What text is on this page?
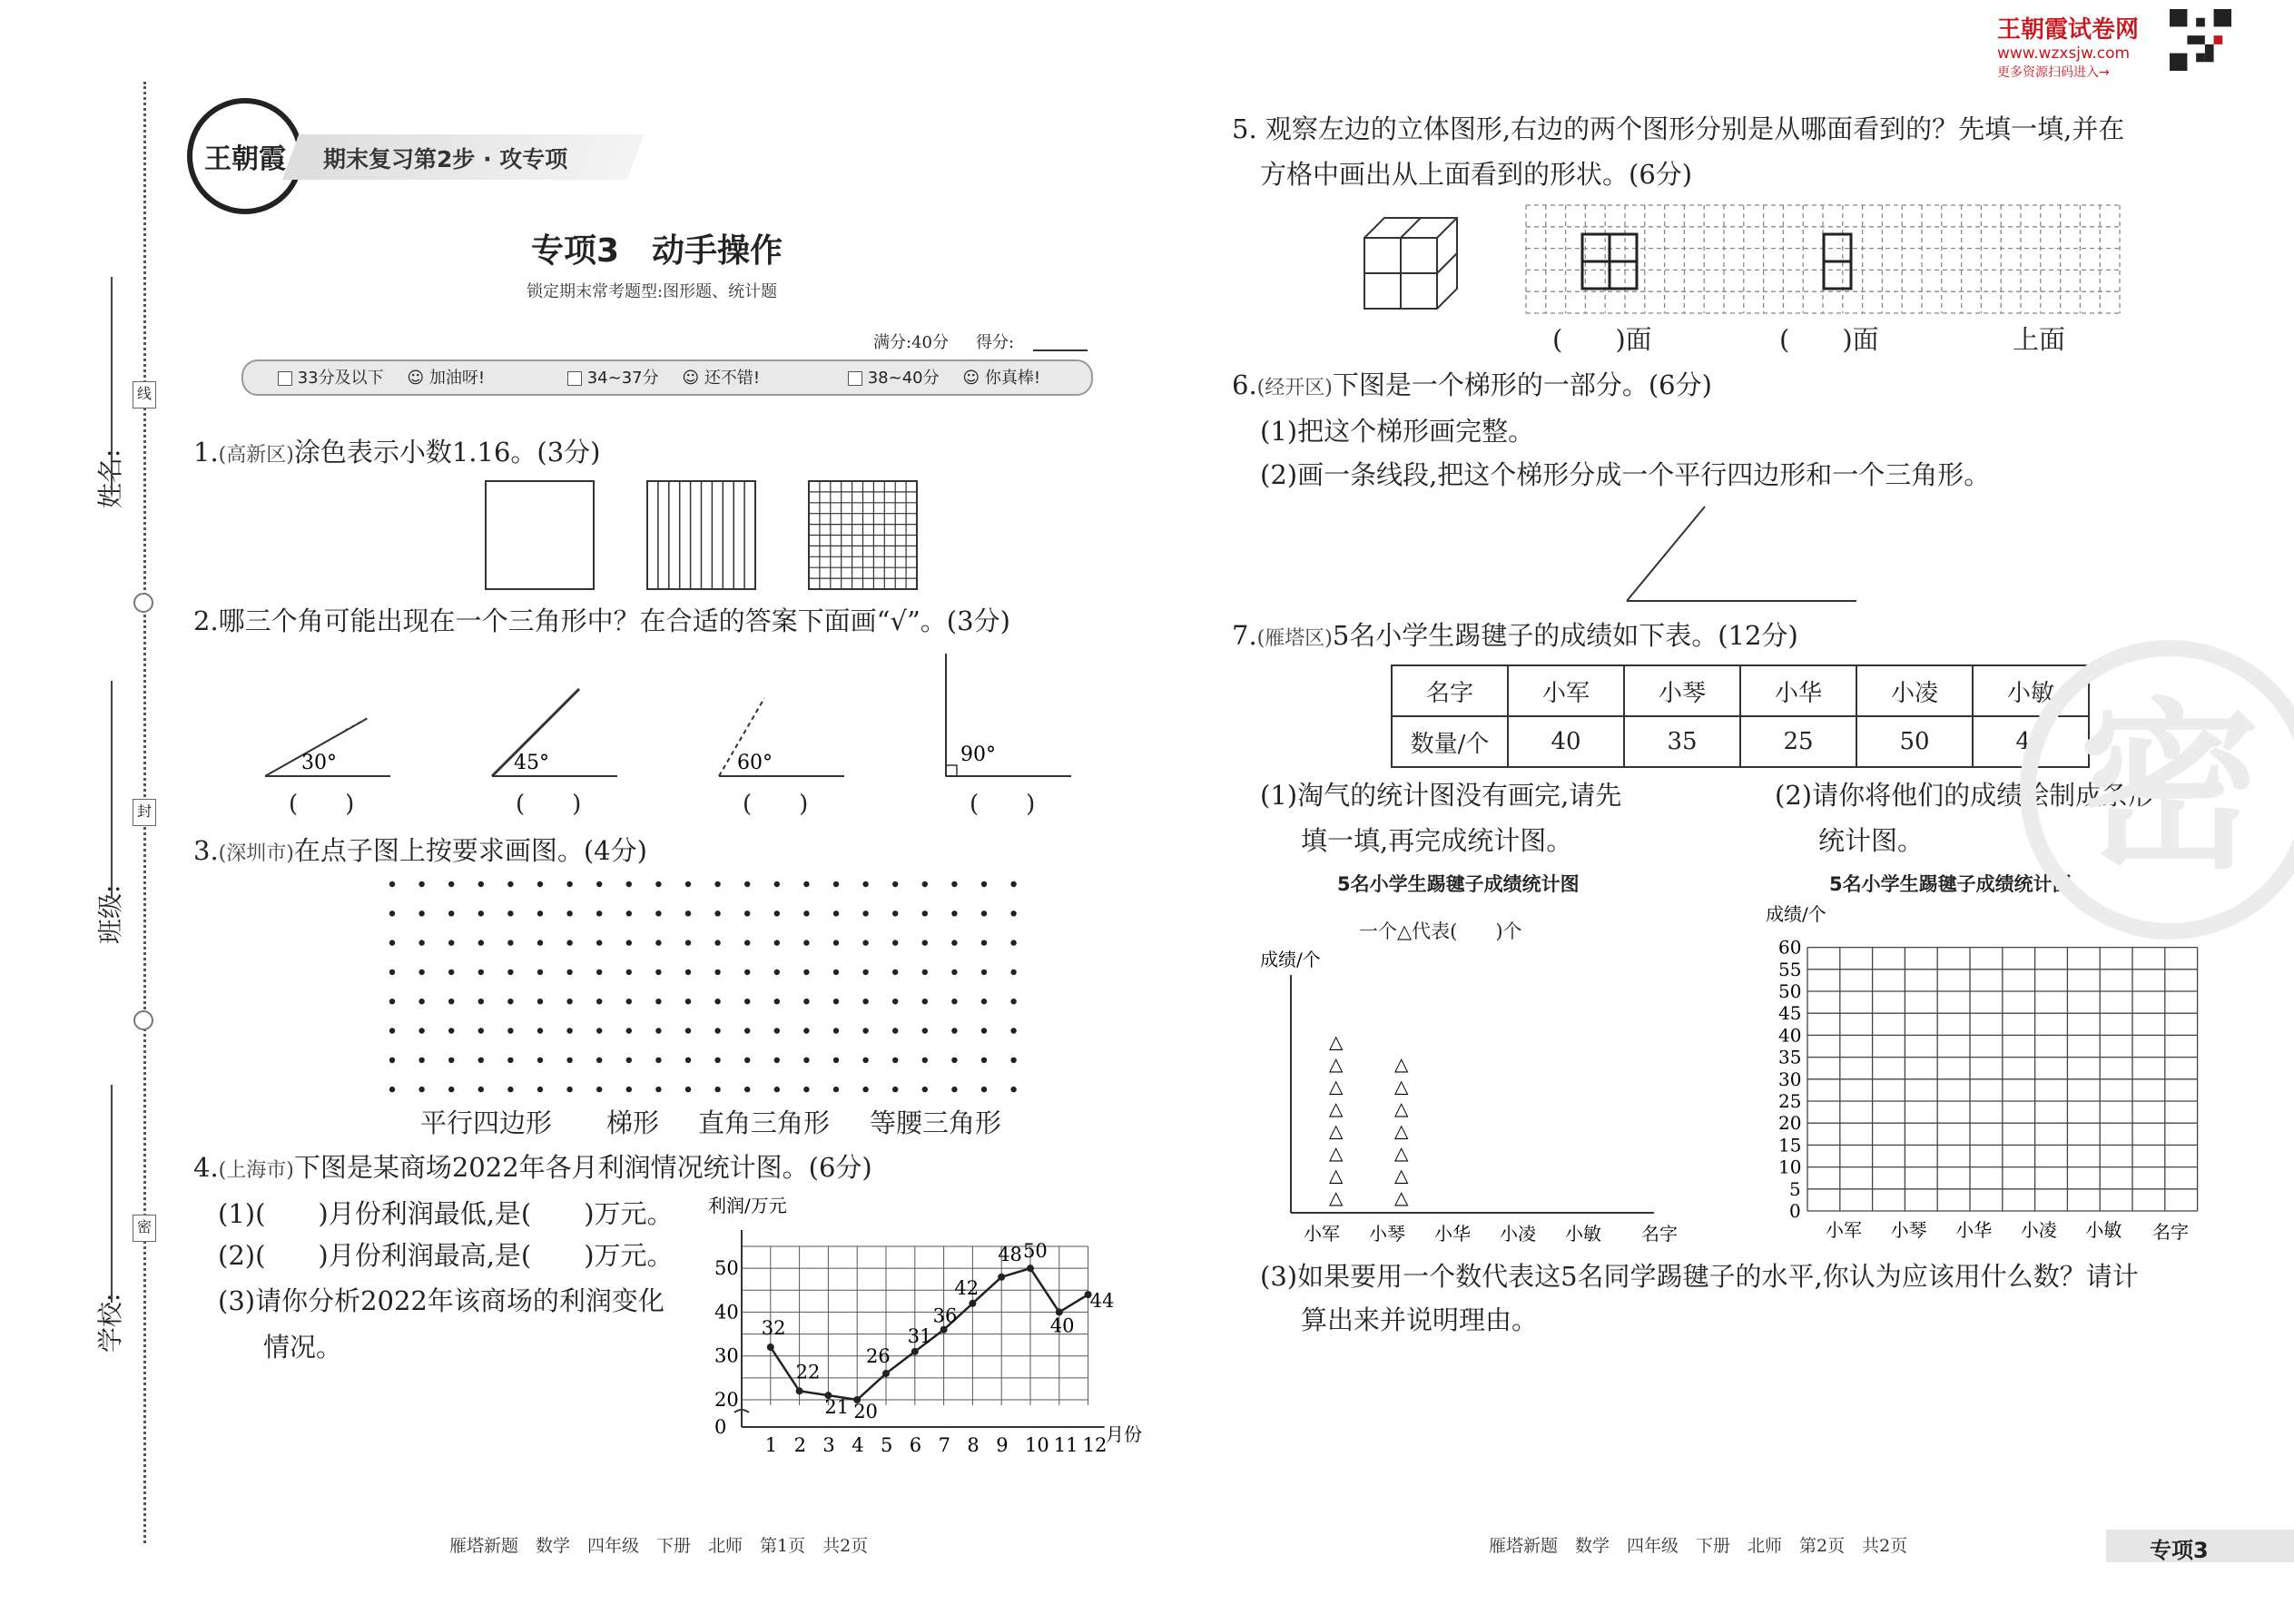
王朝霞试卷网
www.wzxsjw.com
更多资源扫码进入→
线
封
密
姓名:
班级:
学校:
王朝霞	期末复习第2步 · 攻专项
专项3　动手操作
锁定期末常考题型:图形题、统计题
满分:40分 得分:
33分及以下 ☺ 加油呀!	34~37分 ☺ 还不错!	38~40分 ☺ 你真棒!
1.(高新区)涂色表示小数1.16。(3分)
2.哪三个角可能出现在一个三角形中？在合适的答案下面画“√”。(3分)
30°	45°	60°	90°
(　　)	(　　)	(　　)	(　　)
3.(深圳市)在点子图上按要求画图。(4分)
平行四边形 梯形 直角三角形 等腰三角形
4.(上海市)下图是某商场2022年各月利润情况统计图。(6分)
(1)(　　)月份利润最低,是(　　)万元。
(2)(　　)月份利润最高,是(　　)万元。
(3)请你分析2022年该商场的利润变化
情况。
利润/万元
月份
0
20
30
40
50
1 2 3 4 5 6 7 8 9 10 11 12
32
22
21 20
26
31
36
42
48 50
40
44
5. 观察左边的立体图形,右边的两个图形分别是从哪面看到的？先填一填,并在
方格中画出从上面看到的形状。(6分)
(　　)面	(　　)面	上面
6.(经开区)下图是一个梯形的一部分。(6分)
(1)把这个梯形画完整。
(2)画一条线段,把这个梯形分成一个平行四边形和一个三角形。
7.(雁塔区)5名小学生踢毽子的成绩如下表。(12分)
名字	小军	小琴	小华	小凌	小敏
数量/个	40	35	25	50	45
(1)淘气的统计图没有画完,请先
填一填,再完成统计图。
(2)请你将他们的成绩绘制成条形
统计图。
5名小学生踢毽子成绩统计图
一个△代表(　　)个
成绩/个
名字
小军
△
△
△
△
△
△
△
△
小琴
△
△
△
△
△
△
△
小华 小凌 小敏
5名小学生踢毽子成绩统计图
成绩/个
名字
0
5
10
15
20
25
30
35
40
45
50
55
60
小军 小琴 小华 小凌 小敏
(3)如果要用一个数代表这5名同学踢毽子的水平,你认为应该用什么数？请计
算出来并说明理由。
密
雁塔新题　数学　四年级　下册　北师　第1页　共2页	雁塔新题　数学　四年级　下册　北师　第2页　共2页	专项3
